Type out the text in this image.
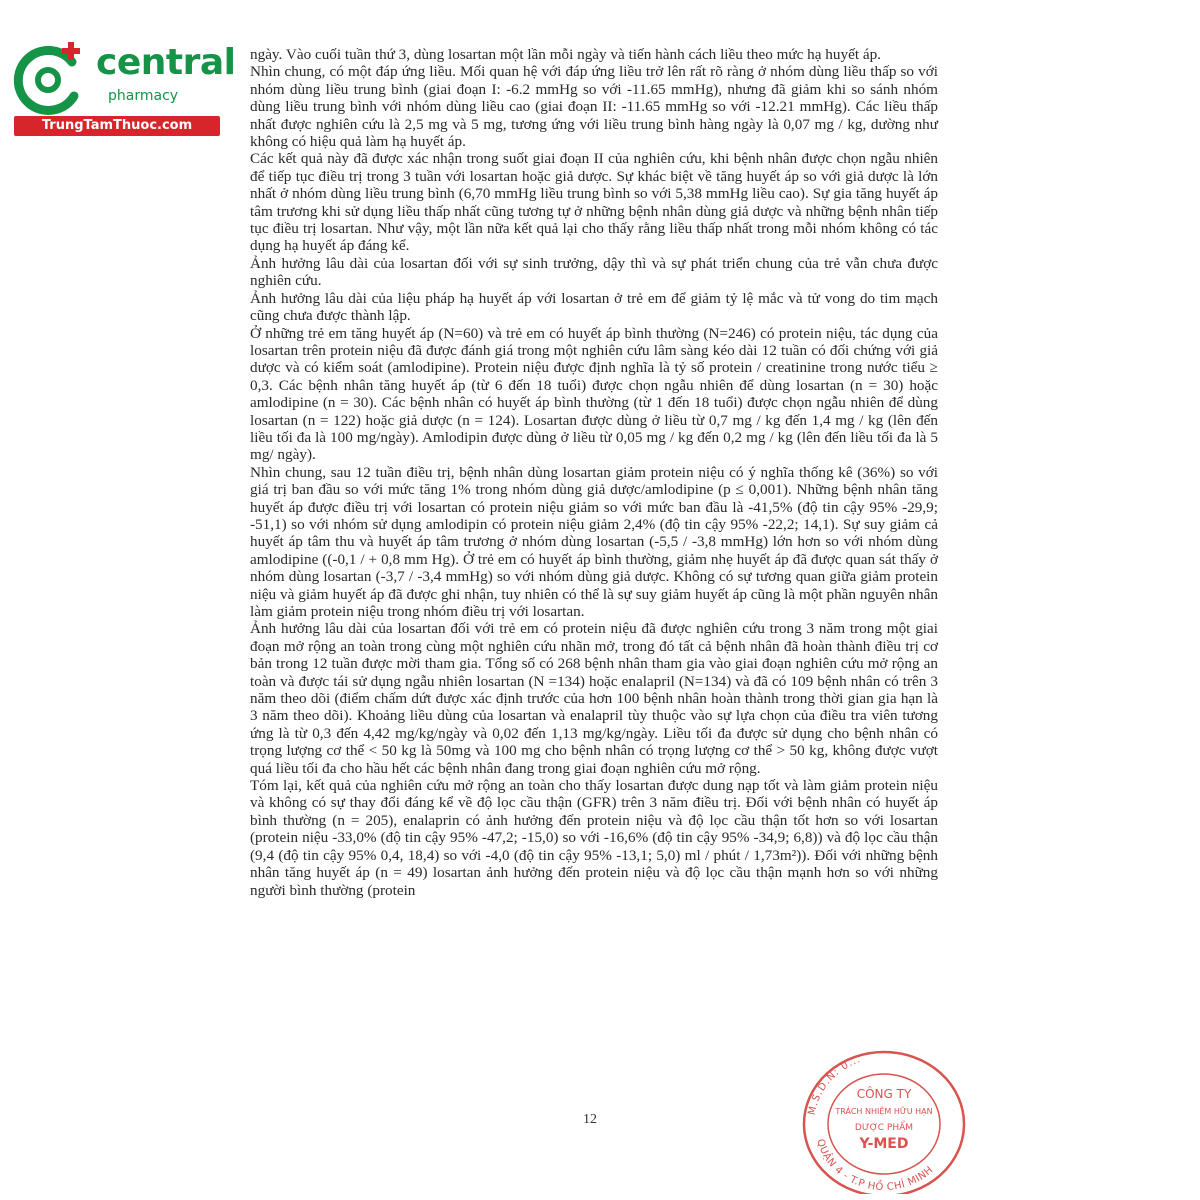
central
pharmacy
TrungTamThuoc.com

ngày. Vào cuối tuần thứ 3, dùng losartan một lần mỗi ngày và tiến hành cách liều theo mức hạ huyết áp.

Nhìn chung, có một đáp ứng liều. Mối quan hệ với đáp ứng liều trở lên rất rõ ràng ở nhóm dùng liều thấp so với nhóm dùng liều trung bình (giai đoạn I: -6.2 mmHg so với -11.65 mmHg), nhưng đã giảm khi so sánh nhóm dùng liều trung bình với nhóm dùng liều cao (giai đoạn II: -11.65 mmHg so với -12.21 mmHg). Các liều thấp nhất được nghiên cứu là 2,5 mg và 5 mg, tương ứng với liều trung bình hàng ngày là 0,07 mg / kg, dường như không có hiệu quả làm hạ huyết áp.

Các kết quả này đã được xác nhận trong suốt giai đoạn II của nghiên cứu, khi bệnh nhân được chọn ngẫu nhiên để tiếp tục điều trị trong 3 tuần với losartan hoặc giả dược. Sự khác biệt về tăng huyết áp so với giả dược là lớn nhất ở nhóm dùng liều trung bình (6,70 mmHg liều trung bình so với 5,38 mmHg liều cao). Sự gia tăng huyết áp tâm trương khi sử dụng liều thấp nhất cũng tương tự ở những bệnh nhân dùng giả dược và những bệnh nhân tiếp tục điều trị losartan. Như vậy, một lần nữa kết quả lại cho thấy rằng liều thấp nhất trong mỗi nhóm không có tác dụng hạ huyết áp đáng kể.

Ảnh hưởng lâu dài của losartan đối với sự sinh trưởng, dậy thì và sự phát triển chung của trẻ vẫn chưa được nghiên cứu.

Ảnh hưởng lâu dài của liệu pháp hạ huyết áp với losartan ở trẻ em để giảm tỷ lệ mắc và tử vong do tim mạch cũng chưa được thành lập.

Ở những trẻ em tăng huyết áp (N=60) và trẻ em có huyết áp bình thường (N=246) có protein niệu, tác dụng của losartan trên protein niệu đã được đánh giá trong một nghiên cứu lâm sàng kéo dài 12 tuần có đối chứng với giả dược và có kiểm soát (amlodipine). Protein niệu được định nghĩa là tỷ số protein / creatinine trong nước tiểu ≥ 0,3. Các bệnh nhân tăng huyết áp (từ 6 đến 18 tuổi) được chọn ngẫu nhiên để dùng losartan (n = 30) hoặc amlodipine (n = 30). Các bệnh nhân có huyết áp bình thường (từ 1 đến 18 tuổi) được chọn ngẫu nhiên để dùng losartan (n = 122) hoặc giả dược (n = 124). Losartan được dùng ở liều từ 0,7 mg / kg đến 1,4 mg / kg (lên đến liều tối đa là 100 mg/ngày). Amlodipin được dùng ở liều từ 0,05 mg / kg đến 0,2 mg / kg (lên đến liều tối đa là 5 mg/ ngày).

Nhìn chung, sau 12 tuần điều trị, bệnh nhân dùng losartan giảm protein niệu có ý nghĩa thống kê (36%) so với giá trị ban đầu so với mức tăng 1% trong nhóm dùng giả dược/amlodipine (p ≤ 0,001). Những bệnh nhân tăng huyết áp được điều trị với losartan có protein niệu giảm so với mức ban đầu là -41,5% (độ tin cậy 95% -29,9; -51,1) so với nhóm sử dụng amlodipin có protein niệu giảm 2,4% (độ tin cậy 95% -22,2; 14,1). Sự suy giảm cả huyết áp tâm thu và huyết áp tâm trương ở nhóm dùng losartan (-5,5 / -3,8 mmHg) lớn hơn so với nhóm dùng amlodipine ((-0,1 / + 0,8 mm Hg). Ở trẻ em có huyết áp bình thường, giảm nhẹ huyết áp đã được quan sát thấy ở nhóm dùng losartan (-3,7 / -3,4 mmHg) so với nhóm dùng giả dược. Không có sự tương quan giữa giảm protein niệu và giảm huyết áp đã được ghi nhận, tuy nhiên có thể là sự suy giảm huyết áp cũng là một phần nguyên nhân làm giảm protein niệu trong nhóm điều trị với losartan.

Ảnh hưởng lâu dài của losartan đối với trẻ em có protein niệu đã được nghiên cứu trong 3 năm trong một giai đoạn mở rộng an toàn trong cùng một nghiên cứu nhãn mở, trong đó tất cả bệnh nhân đã hoàn thành điều trị cơ bản trong 12 tuần được mời tham gia. Tổng số có 268 bệnh nhân tham gia vào giai đoạn nghiên cứu mở rộng an toàn và được tái sử dụng ngẫu nhiên losartan (N =134) hoặc enalapril (N=134) và đã có 109 bệnh nhân có trên 3 năm theo dõi (điểm chấm dứt được xác định trước của hơn 100 bệnh nhân hoàn thành trong thời gian gia hạn là 3 năm theo dõi). Khoảng liều dùng của losartan và enalapril tùy thuộc vào sự lựa chọn của điều tra viên tương ứng là từ 0,3 đến 4,42 mg/kg/ngày và 0,02 đến 1,13 mg/kg/ngày. Liều tối đa được sử dụng cho bệnh nhân có trọng lượng cơ thể < 50 kg là 50mg và 100 mg cho bệnh nhân có trọng lượng cơ thể > 50 kg, không được vượt quá liều tối đa cho hầu hết các bệnh nhân đang trong giai đoạn nghiên cứu mở rộng.

Tóm lại, kết quả của nghiên cứu mở rộng an toàn cho thấy losartan được dung nạp tốt và làm giảm protein niệu và không có sự thay đổi đáng kể về độ lọc cầu thận (GFR) trên 3 năm điều trị. Đối với bệnh nhân có huyết áp bình thường (n = 205), enalaprin có ảnh hưởng đến protein niệu và độ lọc cầu thận tốt hơn so với losartan (protein niệu -33,0% (độ tin cậy 95% -47,2; -15,0) so với -16,6% (độ tin cậy 95% -34,9; 6,8)) và độ lọc cầu thận (9,4 (độ tin cậy 95% 0,4, 18,4) so với -4,0 (độ tin cậy 95% -13,1; 5,0) ml / phút / 1,73m²)). Đối với những bệnh nhân tăng huyết áp (n = 49) losartan ảnh hưởng đến protein niệu và độ lọc cầu thận mạnh hơn so với những người bình thường (protein

12
M.S.D.N: 0...
QUẬN 4 - T.P HỒ CHÍ MINH
CÔNG TY
TRÁCH NHIỆM HỮU HẠN
DƯỢC PHẨM
Y-MED
